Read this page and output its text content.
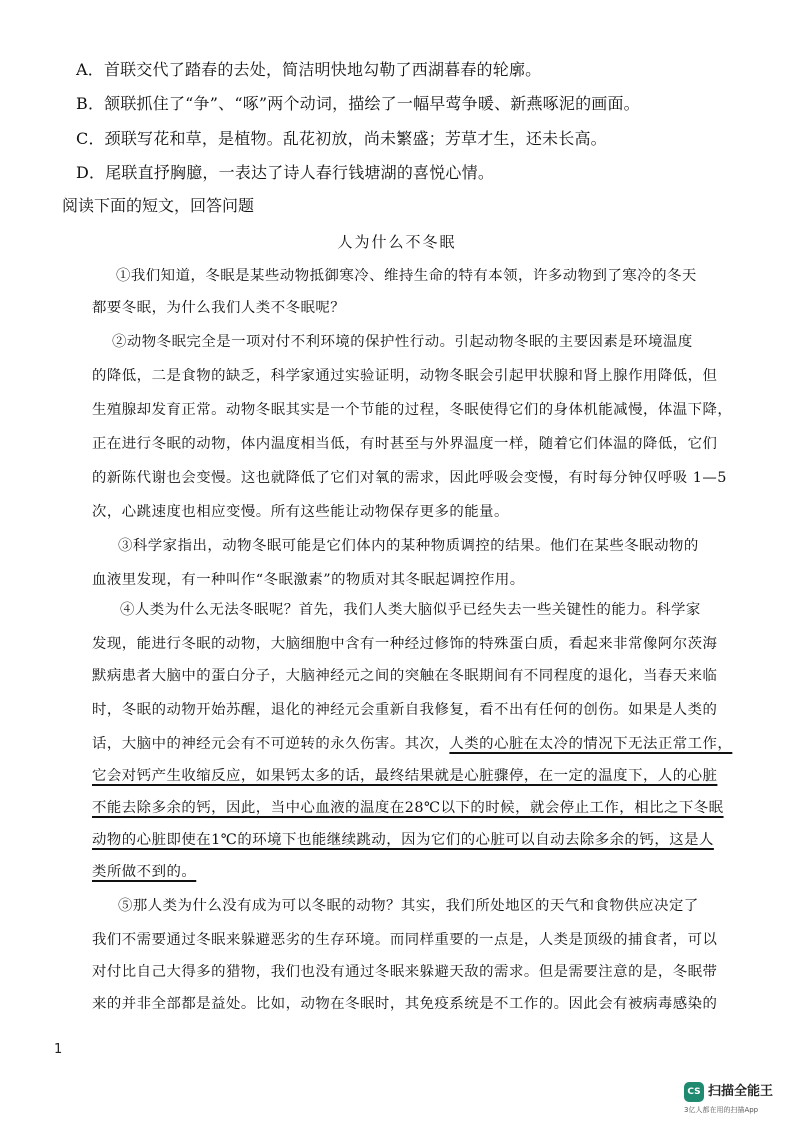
A．首联交代了踏春的去处，简洁明快地勾勒了西湖暮春的轮廓。
B．颔联抓住了“争”、“啄”两个动词，描绘了一幅早莺争暖、新燕啄泥的画面。
C．颈联写花和草，是植物。乱花初放，尚未繁盛；芳草才生，还未长高。
D．尾联直抒胸臆，一表达了诗人春行钱塘湖的喜悦心情。
阅读下面的短文，回答问题
人为什么不冬眠
①我们知道，冬眠是某些动物抵御寒冷、维持生命的特有本领，许多动物到了寒冷的冬天
都要冬眠，为什么我们人类不冬眠呢？
②动物冬眠完全是一项对付不利环境的保护性行动。引起动物冬眠的主要因素是环境温度
的降低，二是食物的缺乏，科学家通过实验证明，动物冬眠会引起甲状腺和肾上腺作用降低，但
生殖腺却发育正常。动物冬眠其实是一个节能的过程，冬眠使得它们的身体机能减慢，体温下降，
正在进行冬眠的动物，体内温度相当低，有时甚至与外界温度一样，随着它们体温的降低，它们
的新陈代谢也会变慢。这也就降低了它们对氧的需求，因此呼吸会变慢，有时每分钟仅呼吸 1—5
次，心跳速度也相应变慢。所有这些能让动物保存更多的能量。
③科学家指出，动物冬眠可能是它们体内的某种物质调控的结果。他们在某些冬眠动物的
血液里发现，有一种叫作“冬眠激素”的物质对其冬眠起调控作用。
④人类为什么无法冬眠呢？首先，我们人类大脑似乎已经失去一些关键性的能力。科学家
发现，能进行冬眠的动物，大脑细胞中含有一种经过修饰的特殊蛋白质，看起来非常像阿尔茨海
默病患者大脑中的蛋白分子，大脑神经元之间的突触在冬眠期间有不同程度的退化，当春天来临
时，冬眠的动物开始苏醒，退化的神经元会重新自我修复，看不出有任何的创伤。如果是人类的
话，大脑中的神经元会有不可逆转的永久伤害。其次，人类的心脏在太冷的情况下无法正常工作，
它会对钙产生收缩反应，如果钙太多的话，最终结果就是心脏骤停，在一定的温度下，人的心脏
不能去除多余的钙，因此，当中心血液的温度在28℃以下的时候，就会停止工作，相比之下冬眠
动物的心脏即使在1℃的环境下也能继续跳动，因为它们的心脏可以自动去除多余的钙，这是人
类所做不到的。
⑤那人类为什么没有成为可以冬眠的动物？其实，我们所处地区的天气和食物供应决定了
我们不需要通过冬眠来躲避恶劣的生存环境。而同样重要的一点是，人类是顶级的捕食者，可以
对付比自己大得多的猎物，我们也没有通过冬眠来躲避天敌的需求。但是需要注意的是，冬眠带
来的并非全部都是益处。比如，动物在冬眠时，其免疫系统是不工作的。因此会有被病毒感染的
1
CS 扫描全能王
3亿人都在用的扫描App
